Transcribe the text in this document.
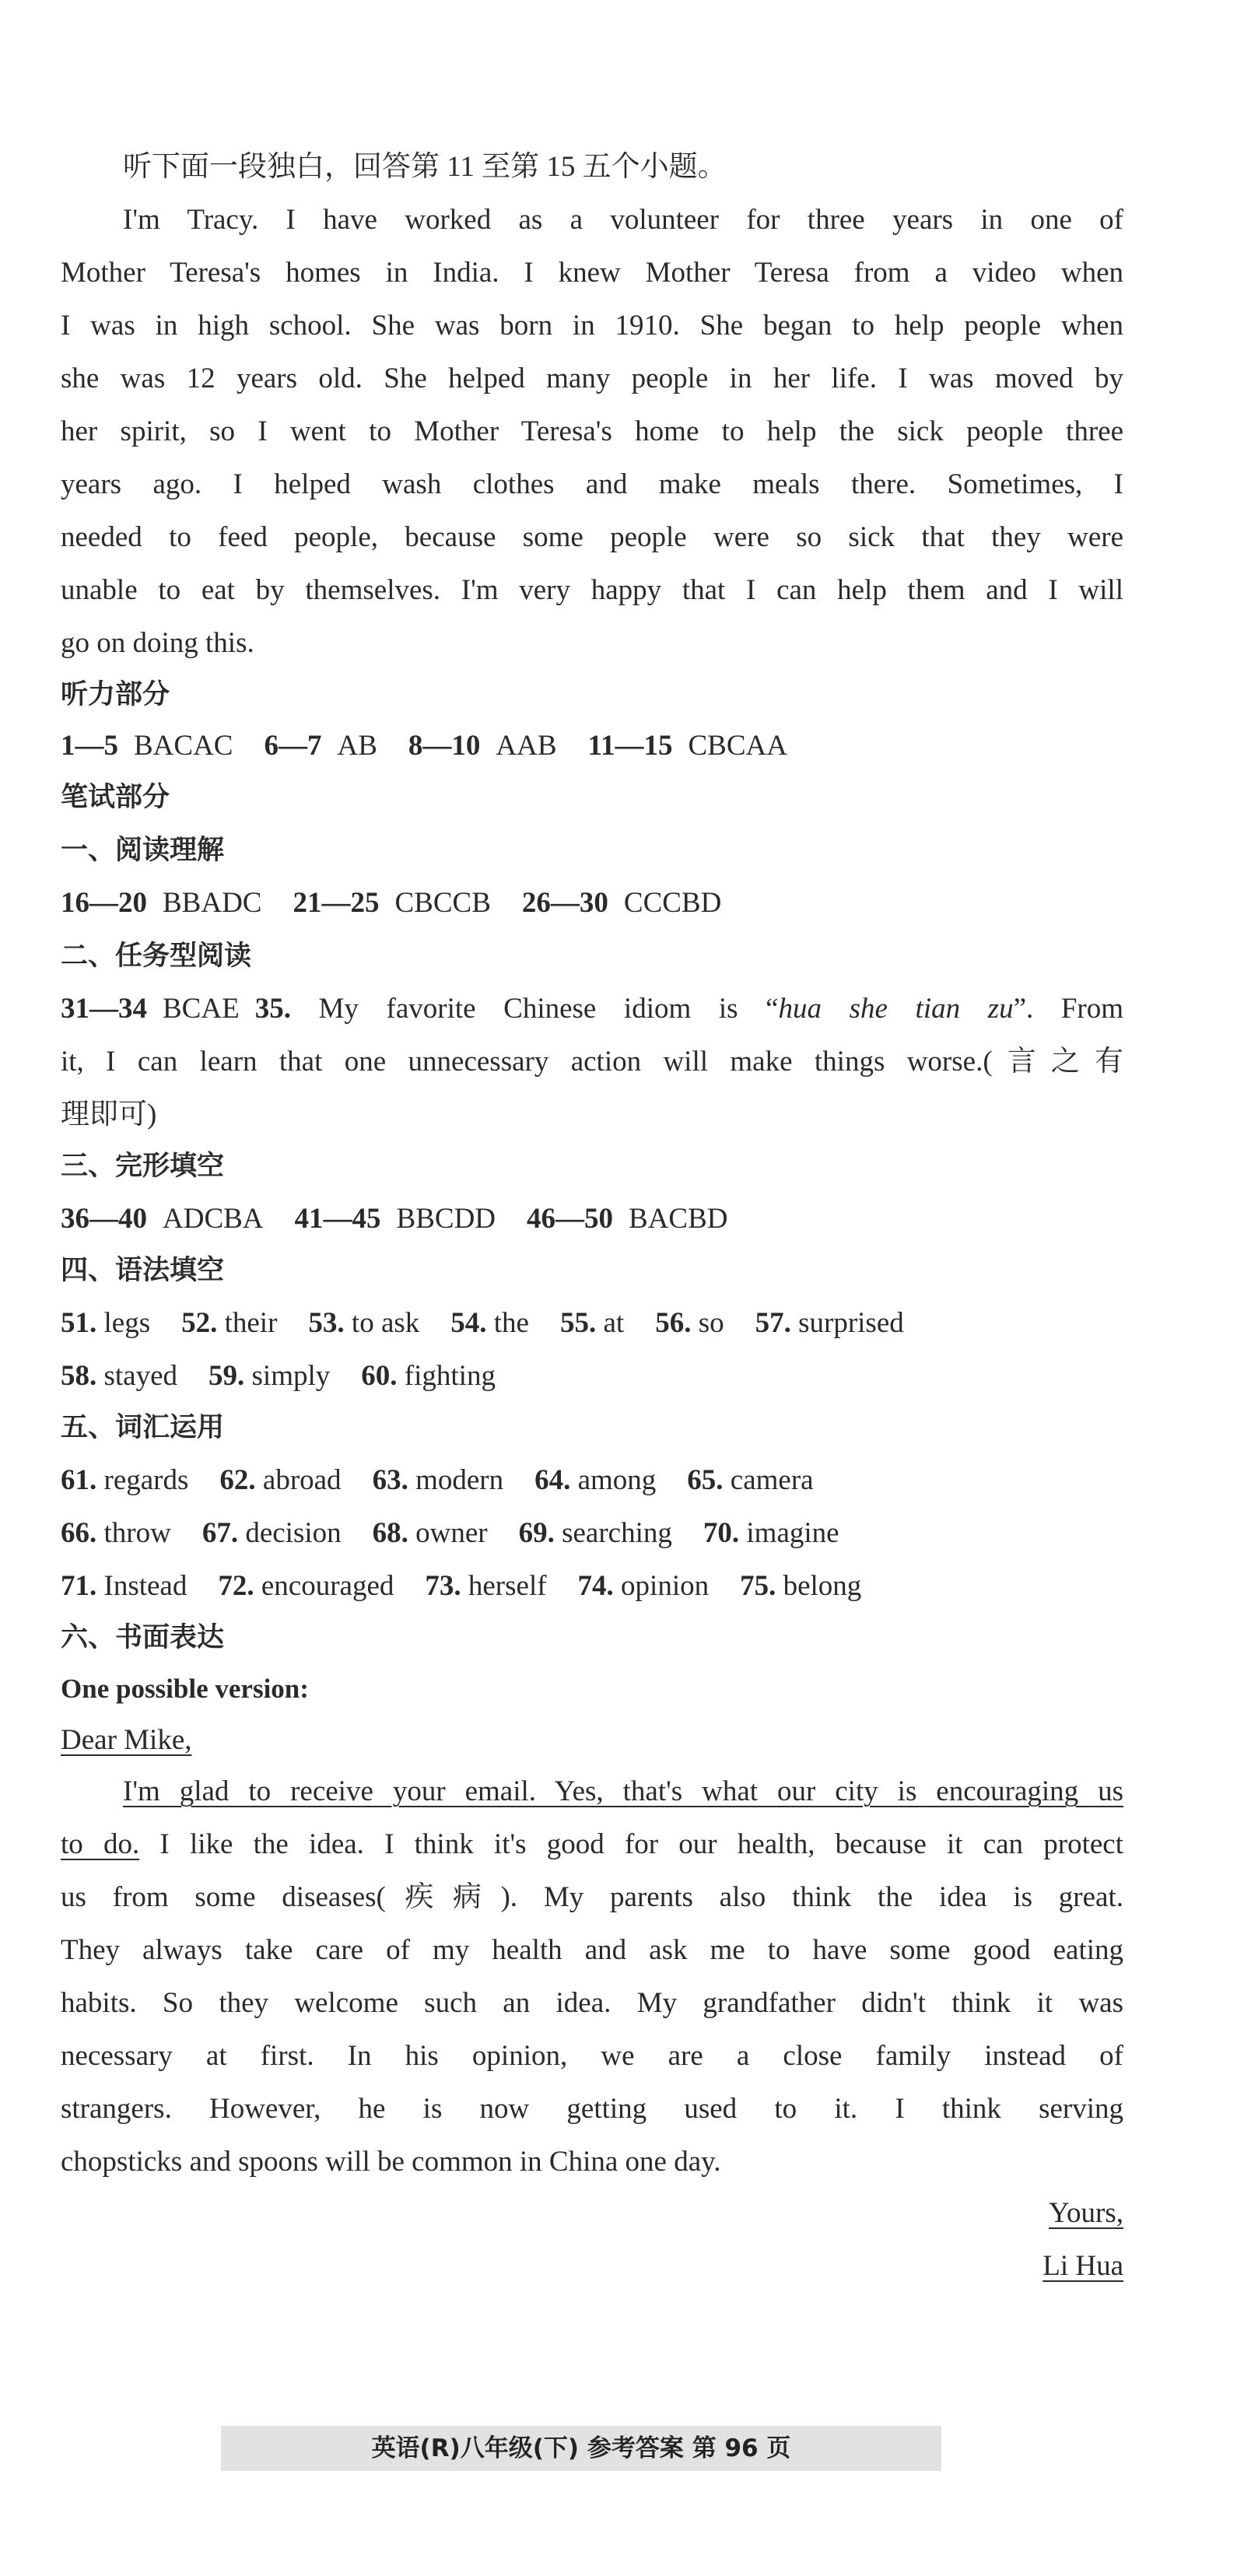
听下面一段独白，回答第 11 至第 15 五个小题。
I'm Tracy. I have worked as a volunteer for three years in one of
Mother Teresa's homes in India. I knew Mother Teresa from a video when
I was in high school. She was born in 1910. She began to help people when
she was 12 years old. She helped many people in her life. I was moved by
her spirit, so I went to Mother Teresa's home to help the sick people three
years ago. I helped wash clothes and make meals there. Sometimes, I
needed to feed people, because some people were so sick that they were
unable to eat by themselves. I'm very happy that I can help them and I will
go on doing this.
听力部分
1—5 BACAC 6—7 AB 8—10 AAB 11—15 CBCAA
笔试部分
一、阅读理解
16—20 BBADC 21—25 CBCCB 26—30 CCCBD
二、任务型阅读
31—34 BCAE 35. My favorite Chinese idiom is “hua she tian zu”. From
it, I can learn that one unnecessary action will make things worse.(言之有
理即可)
三、完形填空
36—40 ADCBA 41—45 BBCDD 46—50 BACBD
四、语法填空
51. legs 52. their 53. to ask 54. the 55. at 56. so 57. surprised
58. stayed 59. simply 60. fighting
五、词汇运用
61. regards 62. abroad 63. modern 64. among 65. camera
66. throw 67. decision 68. owner 69. searching 70. imagine
71. Instead 72. encouraged 73. herself 74. opinion 75. belong
六、书面表达
One possible version:
Dear Mike,
I'm glad to receive your email. Yes, that's what our city is encouraging us
to do. I like the idea. I think it's good for our health, because it can protect
us from some diseases(疾病). My parents also think the idea is great.
They always take care of my health and ask me to have some good eating
habits. So they welcome such an idea. My grandfather didn't think it was
necessary at first. In his opinion, we are a close family instead of
strangers. However, he is now getting used to it. I think serving
chopsticks and spoons will be common in China one day.
Yours,
Li Hua
英语(R)八年级(下) 参考答案 第 96 页
